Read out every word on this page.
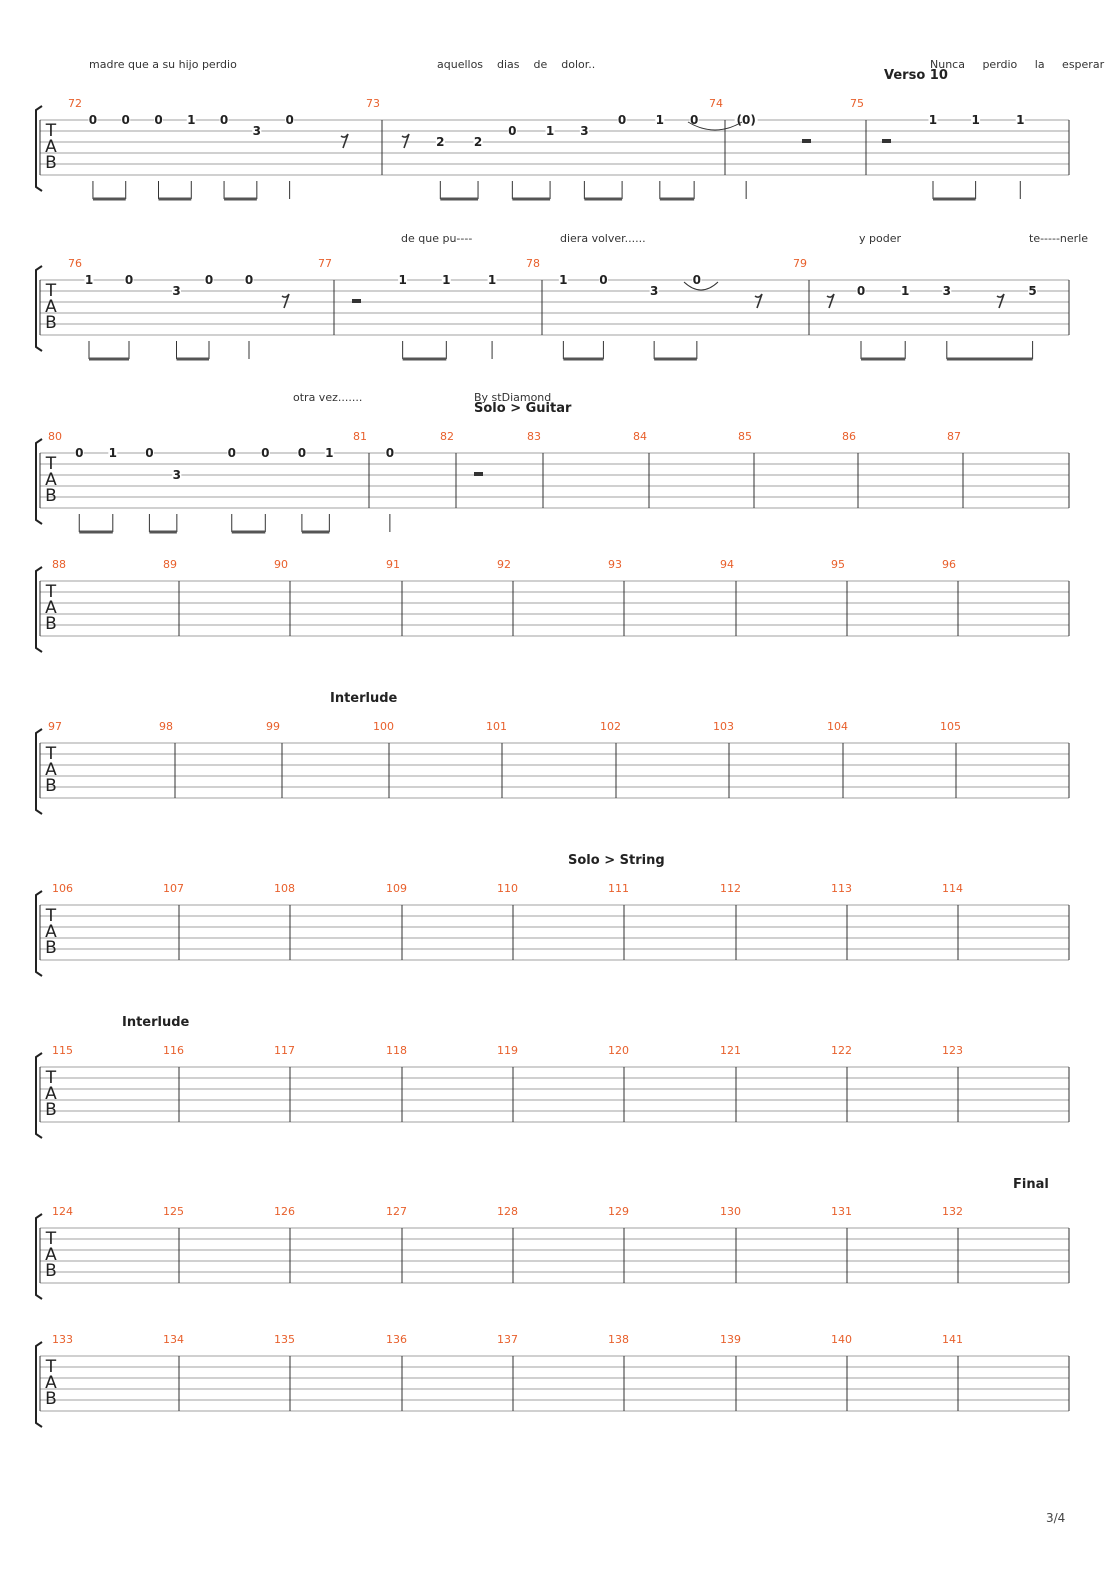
T
A
B
72	73	74	75
0 0 0 1 0
3
0
2 2
0 1 3
0 1 0	(0)	1	1	1
T
A
B
76	77	78	79
1	0
3
0	0	1	1	1	1	0
3
0
0	1	3	5
T
A
B
80	81	82	83	84	85	86	87
0 1 0
3
0 0 0 1	0
T
A
B
88	89	90	91	92	93	94	95	96
T
A
B
97	98	99	100	101	102	103	104	105
T
A
B
106	107	108	109	110	111	112	113	114
T
A
B
115	116	117	118	119	120	121	122	123
T
A
B
124	125	126	127	128	129	130	131	132
T
A
B
133	134	135	136	137	138	139	140	141
Verso 10
Solo > Guitar
Interlude
Solo > String
Interlude
Final
madre que a su hijo perdio	aquellos    dias    de    dolor..	Nunca     perdio     la     esperar
de que pu----	diera volver......	y poder	te-----nerle
otra vez.......	By stDiamond
3/4
